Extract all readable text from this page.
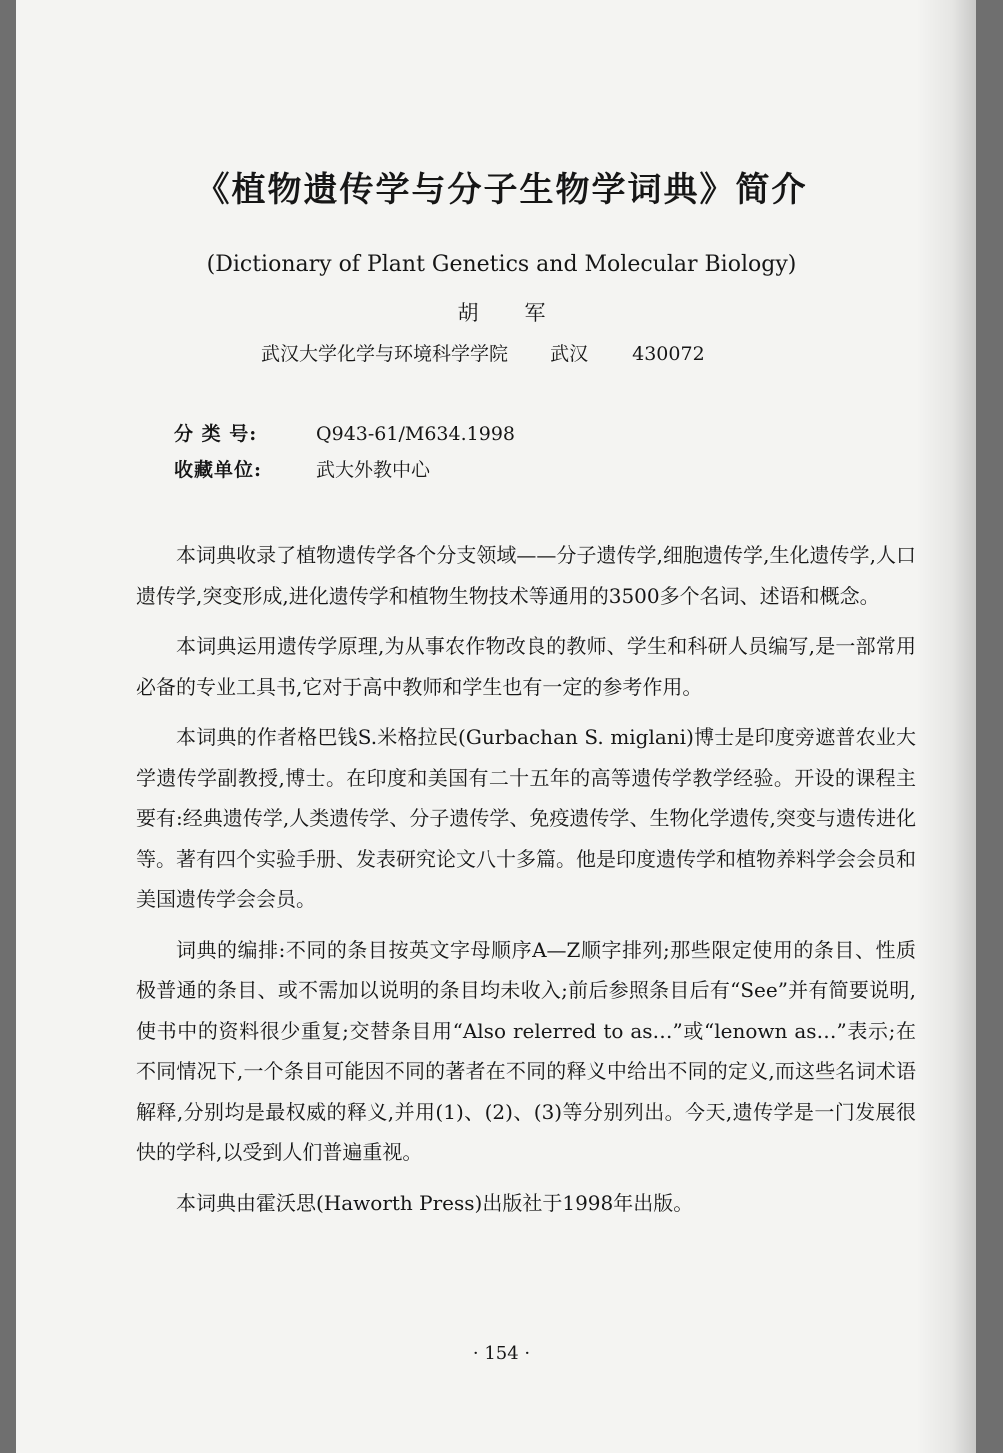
《植物遗传学与分子生物学词典》简介
(Dictionary of Plant Genetics and Molecular Biology)
胡军
武汉大学化学与环境科学学院 武汉 430072
分 类 号:	Q943-61/M634.1998
收藏单位:	武大外教中心

本词典收录了植物遗传学各个分支领域——分子遗传学,细胞遗传学,生化遗传学,人口遗传学,突变形成,进化遗传学和植物生物技术等通用的3500多个名词、述语和概念。

本词典运用遗传学原理,为从事农作物改良的教师、学生和科研人员编写,是一部常用必备的专业工具书,它对于高中教师和学生也有一定的参考作用。

本词典的作者格巴钱S.米格拉民(Gurbachan S. miglani)博士是印度旁遮普农业大学遗传学副教授,博士。在印度和美国有二十五年的高等遗传学教学经验。开设的课程主要有:经典遗传学,人类遗传学、分子遗传学、免疫遗传学、生物化学遗传,突变与遗传进化等。著有四个实验手册、发表研究论文八十多篇。他是印度遗传学和植物养料学会会员和美国遗传学会会员。

词典的编排:不同的条目按英文字母顺序A—Z顺字排列;那些限定使用的条目、性质极普通的条目、或不需加以说明的条目均未收入;前后参照条目后有“See”并有简要说明,使书中的资料很少重复;交替条目用“Also relerred to as…”或“lenown as…”表示;在不同情况下,一个条目可能因不同的著者在不同的释义中给出不同的定义,而这些名词术语解释,分别均是最权威的释义,并用(1)、(2)、(3)等分别列出。今天,遗传学是一门发展很快的学科,以受到人们普遍重视。

本词典由霍沃思(Haworth Press)出版社于1998年出版。

· 154 ·
